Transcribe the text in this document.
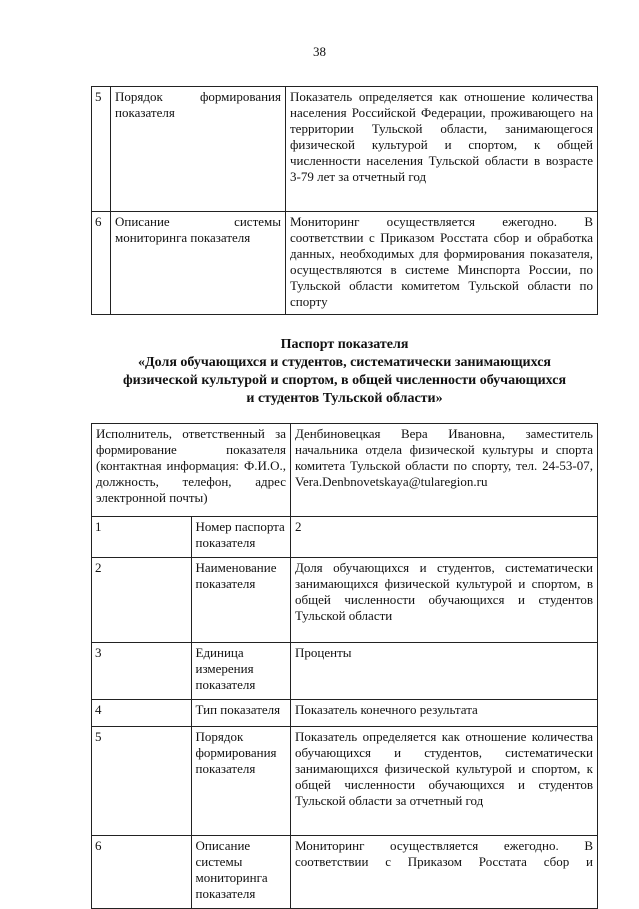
38
5	Порядок формирования показателя	Показатель определяется как отношение количества населения Российской Федерации, проживающего на территории Тульской области, занимающегося физической культурой и спортом, к общей численности населения Тульской области в возрасте 3-79 лет за отчетный год
6	Описание системы мониторинга показателя	Мониторинг осуществляется ежегодно. В соответствии с Приказом Росстата сбор и обработка данных, необходимых для формирования показателя, осуществляются в системе Минспорта России, по Тульской области комитетом Тульской области по спорту
Паспорт показателя
«Доля обучающихся и студентов, систематически занимающихся
физической культурой и спортом, в общей численности обучающихся
и студентов Тульской области»
Исполнитель, ответственный за формирование показателя (контактная информация: Ф.И.О., должность, телефон, адрес электронной почты)		Денбиновецкая Вера Ивановна, заместитель начальника отдела физической культуры и спорта комитета Тульской области по спорту, тел. 24-53-07, Vera.Denbnovetskaya@tularegion.ru
1	Номер паспорта показателя	2
2	Наименование показателя	Доля обучающихся и студентов, систематически занимающихся физической культурой и спортом, в общей численности обучающихся и студентов Тульской области
3	Единица измерения показателя	Проценты
4	Тип показателя	Показатель конечного результата
5	Порядок формирования показателя	Показатель определяется как отношение количества обучающихся и студентов, систематически занимающихся физической культурой и спортом, к общей численности обучающихся и студентов Тульской области за отчетный год
6	Описание системы мониторинга показателя	Мониторинг осуществляется ежегодно. В соответствии с Приказом Росстата сбор и
